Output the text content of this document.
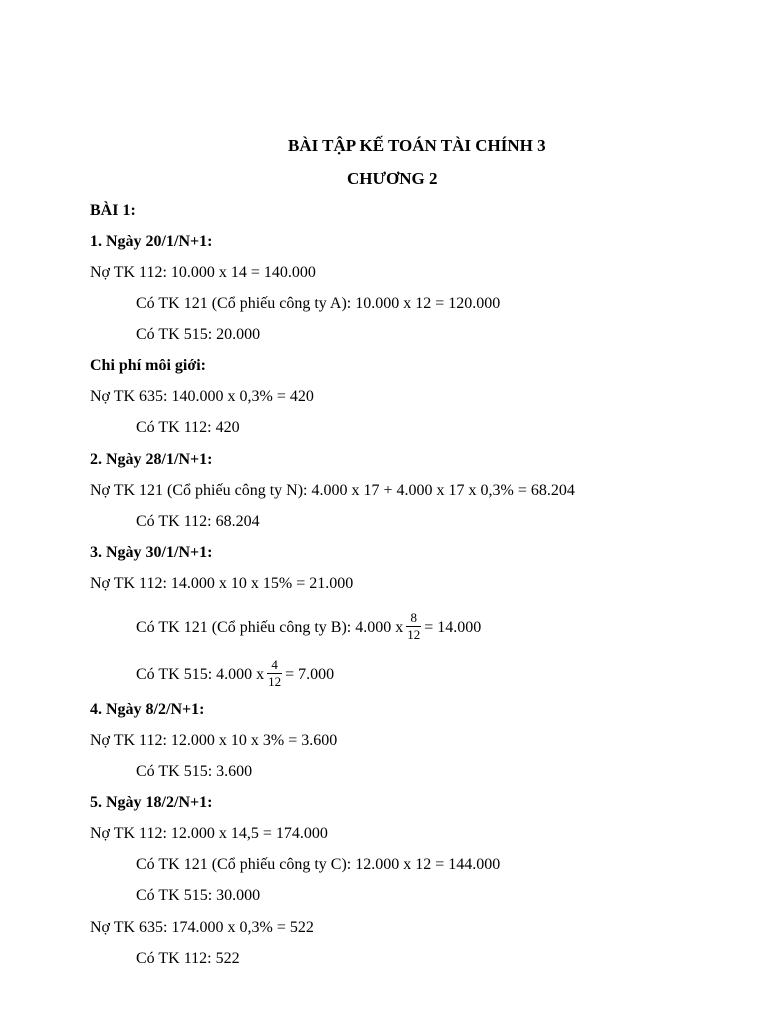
BÀI TẬP KẾ TOÁN TÀI CHÍNH 3
CHƯƠNG 2
BÀI 1:
1. Ngày 20/1/N+1:
Nợ TK 112: 10.000 x 14 = 140.000
Có TK 121 (Cổ phiếu công ty A): 10.000 x 12 = 120.000
Có TK 515: 20.000
Chi phí môi giới:
Nợ TK 635: 140.000 x 0,3% = 420
Có TK 112: 420
2. Ngày 28/1/N+1:
Nợ TK 121 (Cổ phiếu công ty N): 4.000 x 17 + 4.000 x 17 x 0,3% = 68.204
Có TK 112: 68.204
3. Ngày 30/1/N+1:
Nợ TK 112: 14.000 x 10 x 15% = 21.000
Có TK 121 (Cổ phiếu công ty B): 4.000 x $\frac{8}{12} = 14.000$
Có TK 515: 4.000 x $\frac{4}{12} = 7.000$
4. Ngày 8/2/N+1:
Nợ TK 112: 12.000 x 10 x 3% = 3.600
Có TK 515: 3.600
5. Ngày 18/2/N+1:
Nợ TK 112: 12.000 x 14,5 = 174.000
Có TK 121 (Cổ phiếu công ty C): 12.000 x 12 = 144.000
Có TK 515: 30.000
Nợ TK 635: 174.000 x 0,3% = 522
Có TK 112: 522
